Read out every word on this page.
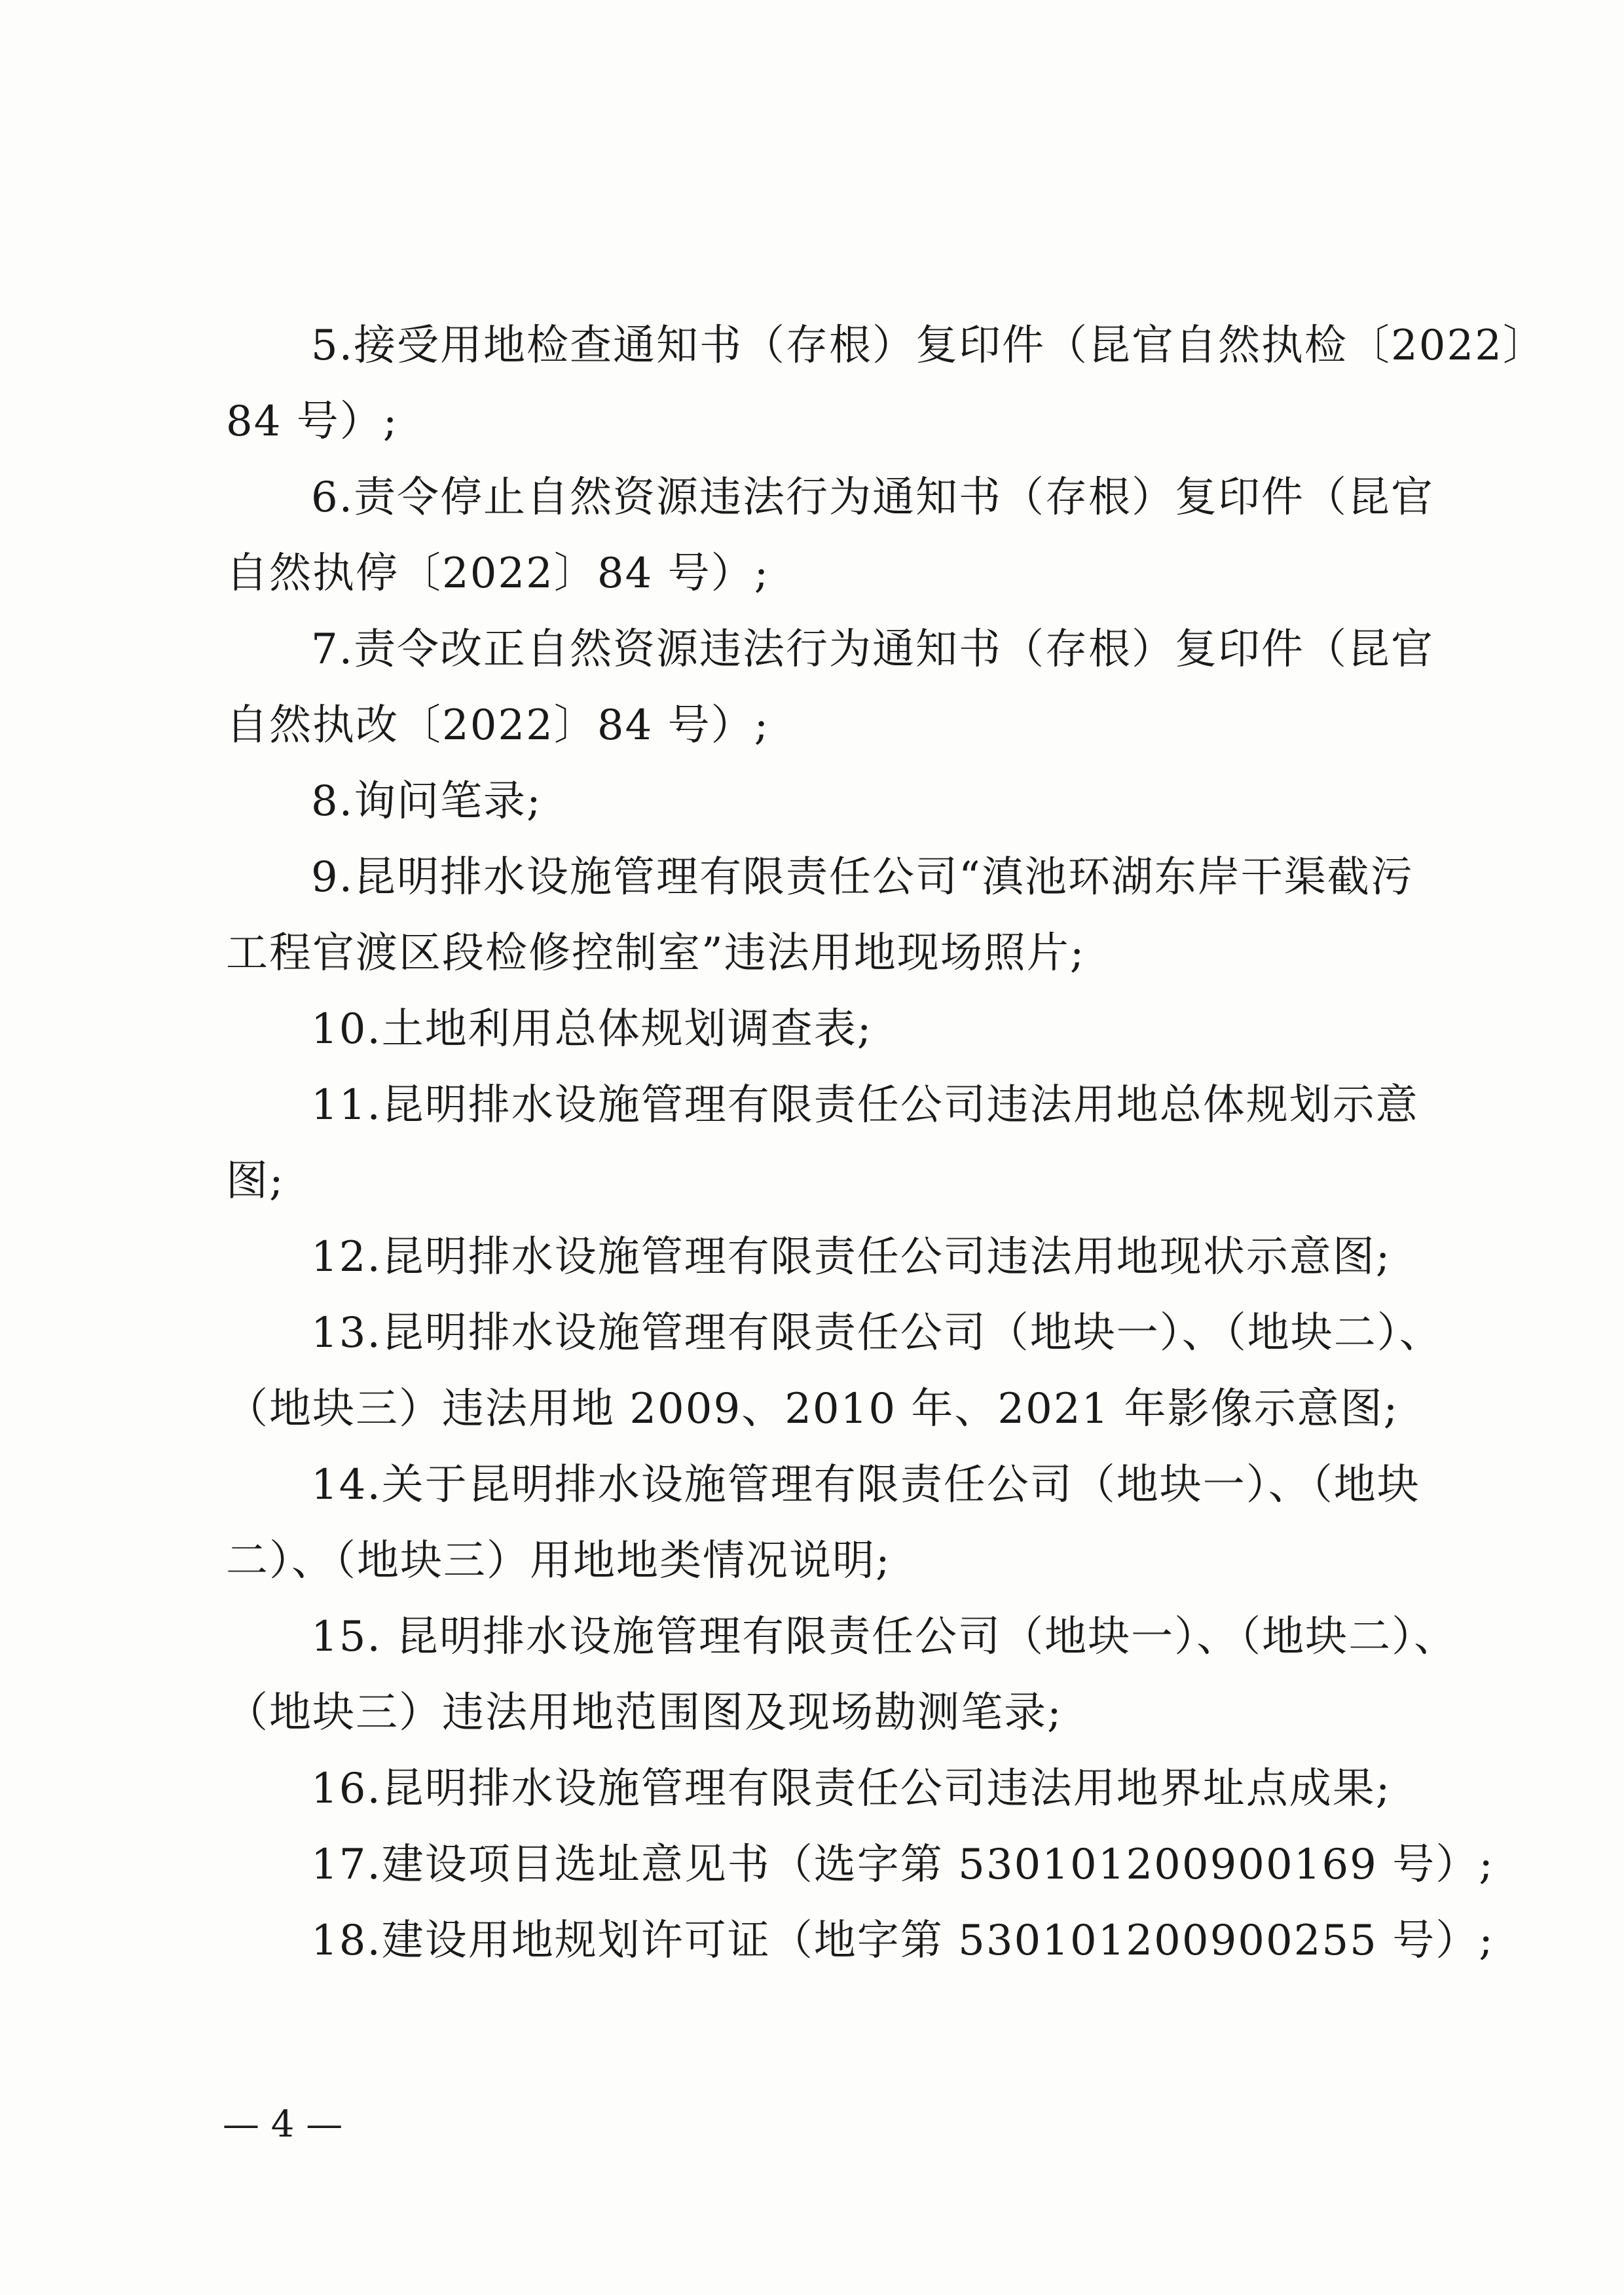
5.接受用地检查通知书（存根）复印件（昆官自然执检〔2022〕
84 号）;
6.责令停止自然资源违法行为通知书（存根）复印件（昆官
自然执停〔2022〕84 号）;
7.责令改正自然资源违法行为通知书（存根）复印件（昆官
自然执改〔2022〕84 号）;
8.询问笔录;
9.昆明排水设施管理有限责任公司“滇池环湖东岸干渠截污
工程官渡区段检修控制室”违法用地现场照片;
10.土地利用总体规划调查表;
11.昆明排水设施管理有限责任公司违法用地总体规划示意
图;
12.昆明排水设施管理有限责任公司违法用地现状示意图;
13.昆明排水设施管理有限责任公司（地块一）、（地块二）、
（地块三）违法用地 2009、2010 年、2021 年影像示意图;
14.关于昆明排水设施管理有限责任公司（地块一）、（地块
二）、（地块三）用地地类情况说明;
15. 昆明排水设施管理有限责任公司（地块一）、（地块二）、
（地块三）违法用地范围图及现场勘测笔录;
16.昆明排水设施管理有限责任公司违法用地界址点成果;
17.建设项目选址意见书（选字第 530101200900169 号）;
18.建设用地规划许可证（地字第 530101200900255 号）;
— 4 —
